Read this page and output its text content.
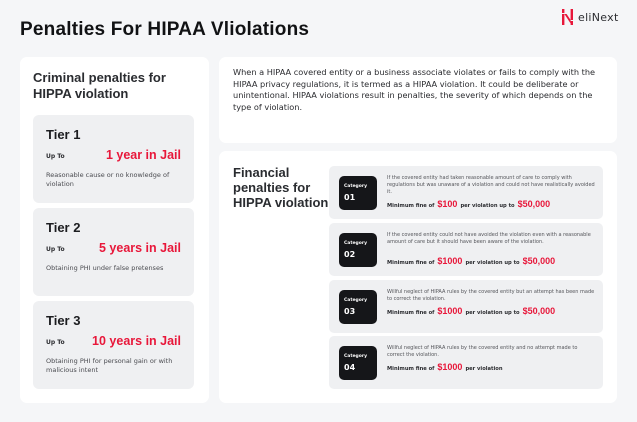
Penalties For HIPAA Vliolations
eliNext
Criminal penalties for HIPPA violation
Tier 1
Up To	1 year in Jail
Reasonable cause or no knowledge of violation
Tier 2
Up To	5 years in Jail
Obtaining PHI under false pretenses
Tier 3
Up To 10 years in Jail
Obtaining PHI for personal gain or with malicious intent

When a HIPAA covered entity or a business associate violates or fails to comply with the HIPAA privacy regulations, it is termed as a HIPAA violation. It could be deliberate or unintentional. HIPAA violations result in penalties, the severity of which depends on the type of violation.

Financial penalties for HIPPA violation
Category
01
If the covered entity had taken reasonable amount of care to comply with regulations but was unaware of a violation and could not have realistically avoided it.
Minimum fine of $100 per violation up to $50,000
Category
02
If the covered entity could not have avoided the violation even with a reasonable amount of care but it should have been aware of the violation.
Minimum fine of $1000 per violation up to $50,000
Category
03
Willful neglect of HIPAA rules by the covered entity but an attempt has been made to correct the violation.
Minimum fine of $1000 per violation up to $50,000
Category
04
Willful neglect of HIPAA rules by the covered entity and no attempt made to correct the violation.
Minimum fine of $1000 per violation
